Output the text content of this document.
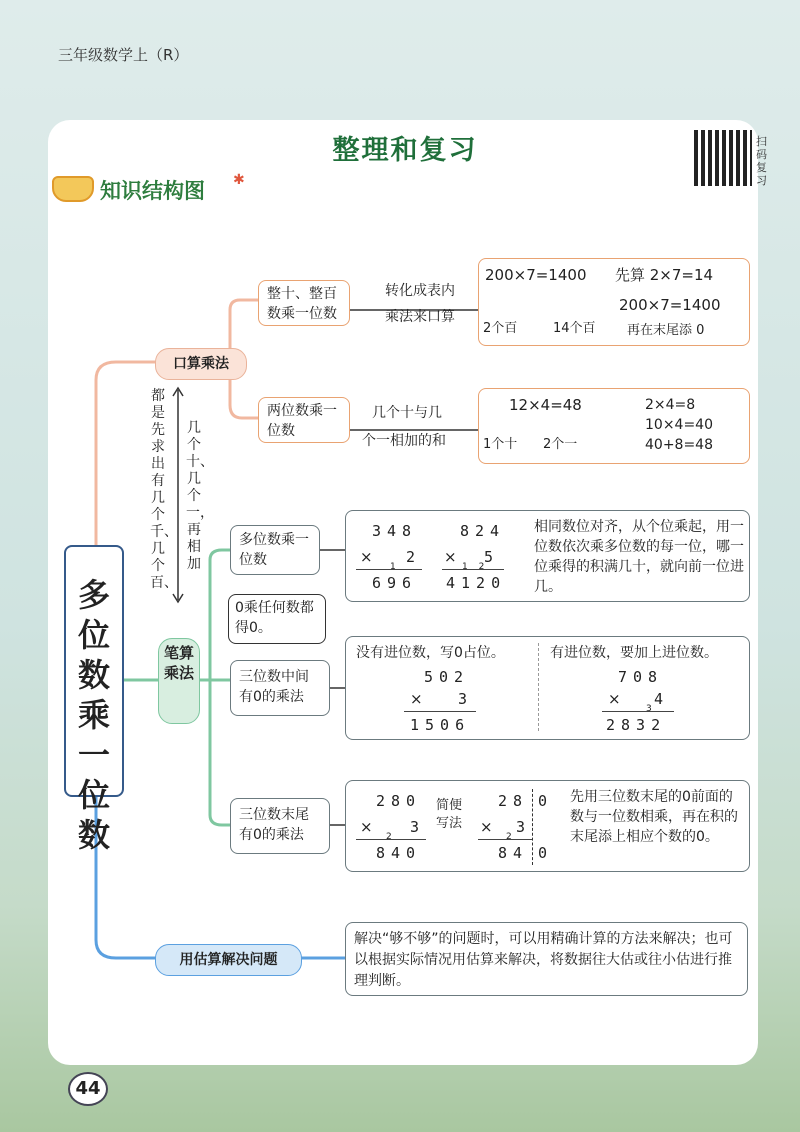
三年级数学上（R）
整理和复习	扫码复习
知识结构图 ✱
多位数乘一位数
都是先求出有几个千、几个百、
几个十、几个一，再相加
口算乘法
笔算乘法
用估算解决问题
整十、整百数乘一位数
转化成表内
乘法来口算
200×7=1400 先算 2×7=14
200×7=1400
2个百	14个百 再在末尾添 0
两位数乘一位数
几个十与几
个一相加的和
12×4=48
1个十 2个一
2×4=8
10×4=40
40+8=48
多位数乘一位数
348
×
1
2
696
824
×
1 2
5
4120
相同数位对齐，从个位乘起，用一位数依次乘多位数的每一位，哪一位乘得的积满几十，就向前一位进几。
0乘任何数都得0。
三位数中间有0的乘法
没有进位数，写0占位。
502
× 3
1506
有进位数，要加上进位数。
708
×
3
4
2832
三位数末尾有0的乘法
280
×
2
3
840
简便写法
28 0
×
2
3
84 0
先用三位数末尾的0前面的数与一位数相乘，再在积的末尾添上相应个数的0。
解决“够不够”的问题时，可以用精确计算的方法来解决；也可以根据实际情况用估算来解决，将数据往大估或往小估进行推理判断。
44
